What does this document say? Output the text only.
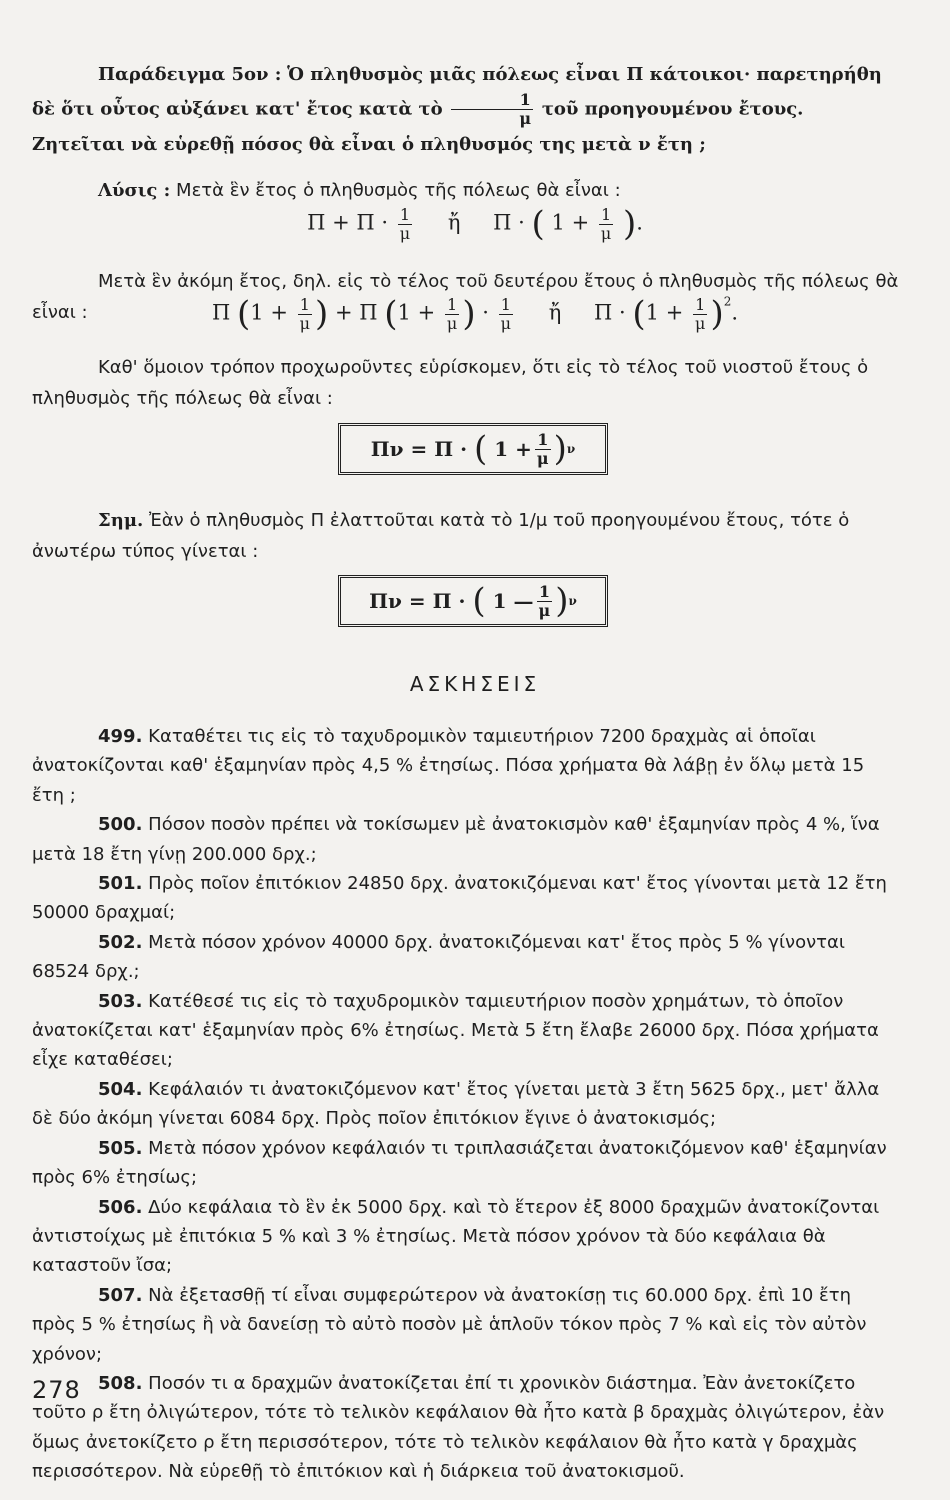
Παράδειγμα 5ον : Ὁ πληθυσμὸς μιᾶς πόλεως εἶναι Π κάτοικοι· παρετηρήθη δὲ ὅτι οὗτος αὐξάνει κατ' ἔτος κατὰ τὸ $\frac{1}{\mu}$ τοῦ προηγουμένου ἔτους. Ζητεῖται νὰ εὑρεθῇ πόσος θὰ εἶναι ὁ πληθυσμός της μετὰ ν ἔτη ;
Λύσις : Μετὰ ἓν ἔτος ὁ πληθυσμὸς τῆς πόλεως θὰ εἶναι :
$\Pi + \Pi \cdot \frac{1}{\mu}$ ἤ Π · ( $1 + \frac{1}{\mu}$ ).
Μετὰ ἓν ἀκόμη ἔτος, δηλ. εἰς τὸ τέλος τοῦ δευτέρου ἔτους ὁ πληθυσμὸς τῆς πόλεως θὰ εἶναι :	Π ($1 + \frac{1}{\mu}$ ) + Π ($1 + \frac{1}{\mu}$ ) · $\frac{1}{\mu}$ ἤ $\Pi \cdot (1 + \frac{1}{\mu} )^2$.
Καθ' ὅμοιον τρόπον προχωροῦντες εὑρίσκομεν, ὅτι εἰς τὸ τέλος τοῦ νιοστοῦ ἔτους ὁ πληθυσμὸς τῆς πόλεως θὰ εἶναι :
Πν
=
Π
·
(
1
+ $\frac{1}{\mu}$ ) ν
Σημ. Ἐὰν ὁ πληθυσμὸς Π ἐλαττοῦται κατὰ τὸ 1/μ τοῦ προηγουμένου ἔτους, τότε ὁ ἀνωτέρω τύπος γίνεται :
Πν
=
Π
·
(
1
— $\frac{1}{\mu}$ ) ν
ΑΣΚΗΣΕΙΣ

499. Καταθέτει τις εἰς τὸ ταχυδρομικὸν ταμιευτήριον 7200 δραχμὰς αἱ ὁποῖαι ἀνατοκίζονται καθ' ἑξαμηνίαν πρὸς 4,5 % ἐτησίως. Πόσα χρήματα θὰ λάβῃ ἐν ὅλῳ μετὰ 15 ἔτη ;

500. Πόσον ποσὸν πρέπει νὰ τοκίσωμεν μὲ ἀνατοκισμὸν καθ' ἑξαμηνίαν πρὸς 4 %, ἵνα μετὰ 18 ἔτη γίνῃ 200.000 δρχ.;

501. Πρὸς ποῖον ἐπιτόκιον 24850 δρχ. ἀνατοκιζόμεναι κατ' ἔτος γίνονται μετὰ 12 ἔτη 50000 δραχμαί;

502. Μετὰ πόσον χρόνον 40000 δρχ. ἀνατοκιζόμεναι κατ' ἔτος πρὸς 5 % γίνονται 68524 δρχ.;

503. Κατέθεσέ τις εἰς τὸ ταχυδρομικὸν ταμιευτήριον ποσὸν χρημάτων, τὸ ὁποῖον ἀνατοκίζεται κατ' ἑξαμηνίαν πρὸς 6% ἐτησίως. Μετὰ 5 ἔτη ἔλαβε 26000 δρχ. Πόσα χρήματα εἶχε καταθέσει;

504. Κεφάλαιόν τι ἀνατοκιζόμενον κατ' ἔτος γίνεται μετὰ 3 ἔτη 5625 δρχ., μετ' ἄλλα δὲ δύο ἀκόμη γίνεται 6084 δρχ. Πρὸς ποῖον ἐπιτόκιον ἔγινε ὁ ἀνατοκισμός;

505. Μετὰ πόσον χρόνον κεφάλαιόν τι τριπλασιάζεται ἀνατοκιζόμενον καθ' ἑξαμηνίαν πρὸς 6% ἐτησίως;

506. Δύο κεφάλαια τὸ ἓν ἐκ 5000 δρχ. καὶ τὸ ἕτερον ἐξ 8000 δραχμῶν ἀνατοκίζονται ἀντιστοίχως μὲ ἐπιτόκια 5 % καὶ 3 % ἐτησίως. Μετὰ πόσον χρόνον τὰ δύο κεφάλαια θὰ καταστοῦν ἴσα;

507. Νὰ ἐξετασθῇ τί εἶναι συμφερώτερον νὰ ἀνατοκίσῃ τις 60.000 δρχ. ἐπὶ 10 ἔτη πρὸς 5 % ἐτησίως ἢ νὰ δανείσῃ τὸ αὐτὸ ποσὸν μὲ ἁπλοῦν τόκον πρὸς 7 % καὶ εἰς τὸν αὐτὸν χρόνον;

508. Ποσόν τι α δραχμῶν ἀνατοκίζεται ἐπί τι χρονικὸν διάστημα. Ἐὰν ἀνετοκίζετο τοῦτο ρ ἔτη ὀλιγώτερον, τότε τὸ τελικὸν κεφάλαιον θὰ ἦτο κατὰ β δραχμὰς ὀλιγώτερον, ἐὰν ὅμως ἀνετοκίζετο ρ ἔτη περισσότερον, τότε τὸ τελικὸν κεφάλαιον θὰ ἦτο κατὰ γ δραχμὰς περισσότερον. Νὰ εὑρεθῇ τὸ ἐπιτόκιον καὶ ἡ διάρκεια τοῦ ἀνατοκισμοῦ.

278
